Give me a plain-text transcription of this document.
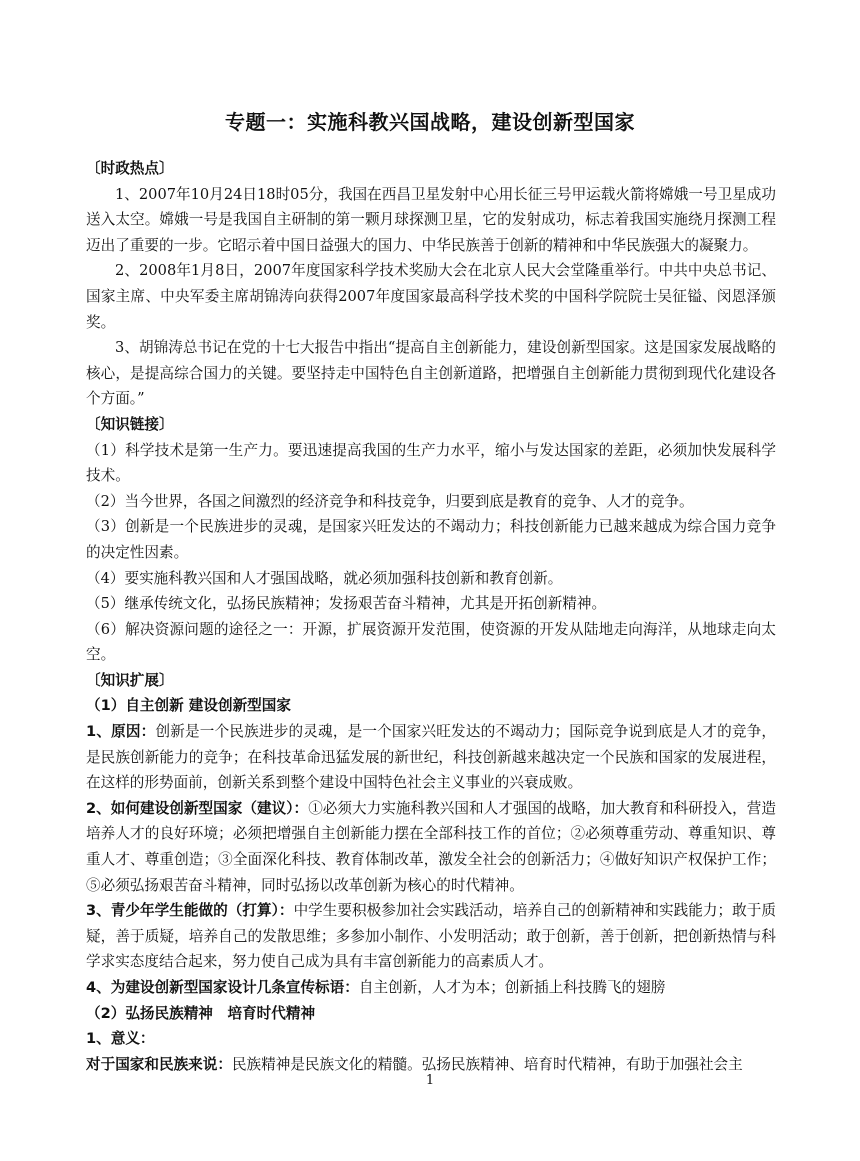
专题一：实施科教兴国战略，建设创新型国家

〔时政热点〕

1、2007年10月24日18时05分，我国在西昌卫星发射中心用长征三号甲运载火箭将嫦娥一号卫星成功送入太空。嫦娥一号是我国自主研制的第一颗月球探测卫星，它的发射成功，标志着我国实施绕月探测工程迈出了重要的一步。它昭示着中国日益强大的国力、中华民族善于创新的精神和中华民族强大的凝聚力。

2、2008年1月8日，2007年度国家科学技术奖励大会在北京人民大会堂隆重举行。中共中央总书记、国家主席、中央军委主席胡锦涛向获得2007年度国家最高科学技术奖的中国科学院院士吴征镒、闵恩泽颁奖。

3、胡锦涛总书记在党的十七大报告中指出“提高自主创新能力，建设创新型国家。这是国家发展战略的核心，是提高综合国力的关键。要坚持走中国特色自主创新道路，把增强自主创新能力贯彻到现代化建设各个方面。”

〔知识链接〕

（1）科学技术是第一生产力。要迅速提高我国的生产力水平，缩小与发达国家的差距，必须加快发展科学技术。

（2）当今世界，各国之间激烈的经济竞争和科技竞争，归要到底是教育的竞争、人才的竞争。

（3）创新是一个民族进步的灵魂，是国家兴旺发达的不竭动力；科技创新能力已越来越成为综合国力竞争的决定性因素。

（4）要实施科教兴国和人才强国战略，就必须加强科技创新和教育创新。

（5）继承传统文化，弘扬民族精神；发扬艰苦奋斗精神，尤其是开拓创新精神。

（6）解决资源问题的途径之一：开源，扩展资源开发范围，使资源的开发从陆地走向海洋，从地球走向太空。

〔知识扩展〕

（1）自主创新 建设创新型国家

1、原因：创新是一个民族进步的灵魂，是一个国家兴旺发达的不竭动力；国际竞争说到底是人才的竞争，是民族创新能力的竞争；在科技革命迅猛发展的新世纪，科技创新越来越决定一个民族和国家的发展进程，在这样的形势面前，创新关系到整个建设中国特色社会主义事业的兴衰成败。

2、如何建设创新型国家（建议）：①必须大力实施科教兴国和人才强国的战略，加大教育和科研投入，营造培养人才的良好环境；必须把增强自主创新能力摆在全部科技工作的首位；②必须尊重劳动、尊重知识、尊重人才、尊重创造；③全面深化科技、教育体制改革，激发全社会的创新活力；④做好知识产权保护工作；⑤必须弘扬艰苦奋斗精神，同时弘扬以改革创新为核心的时代精神。

3、青少年学生能做的（打算）：中学生要积极参加社会实践活动，培养自己的创新精神和实践能力；敢于质疑，善于质疑，培养自己的发散思维；多参加小制作、小发明活动；敢于创新，善于创新，把创新热情与科学求实态度结合起来，努力使自己成为具有丰富创新能力的高素质人才。

4、为建设创新型国家设计几条宣传标语：自主创新，人才为本；创新插上科技腾飞的翅膀

（2）弘扬民族精神　培育时代精神

1、意义：

对于国家和民族来说：民族精神是民族文化的精髓。弘扬民族精神、培育时代精神，有助于加强社会主

1
